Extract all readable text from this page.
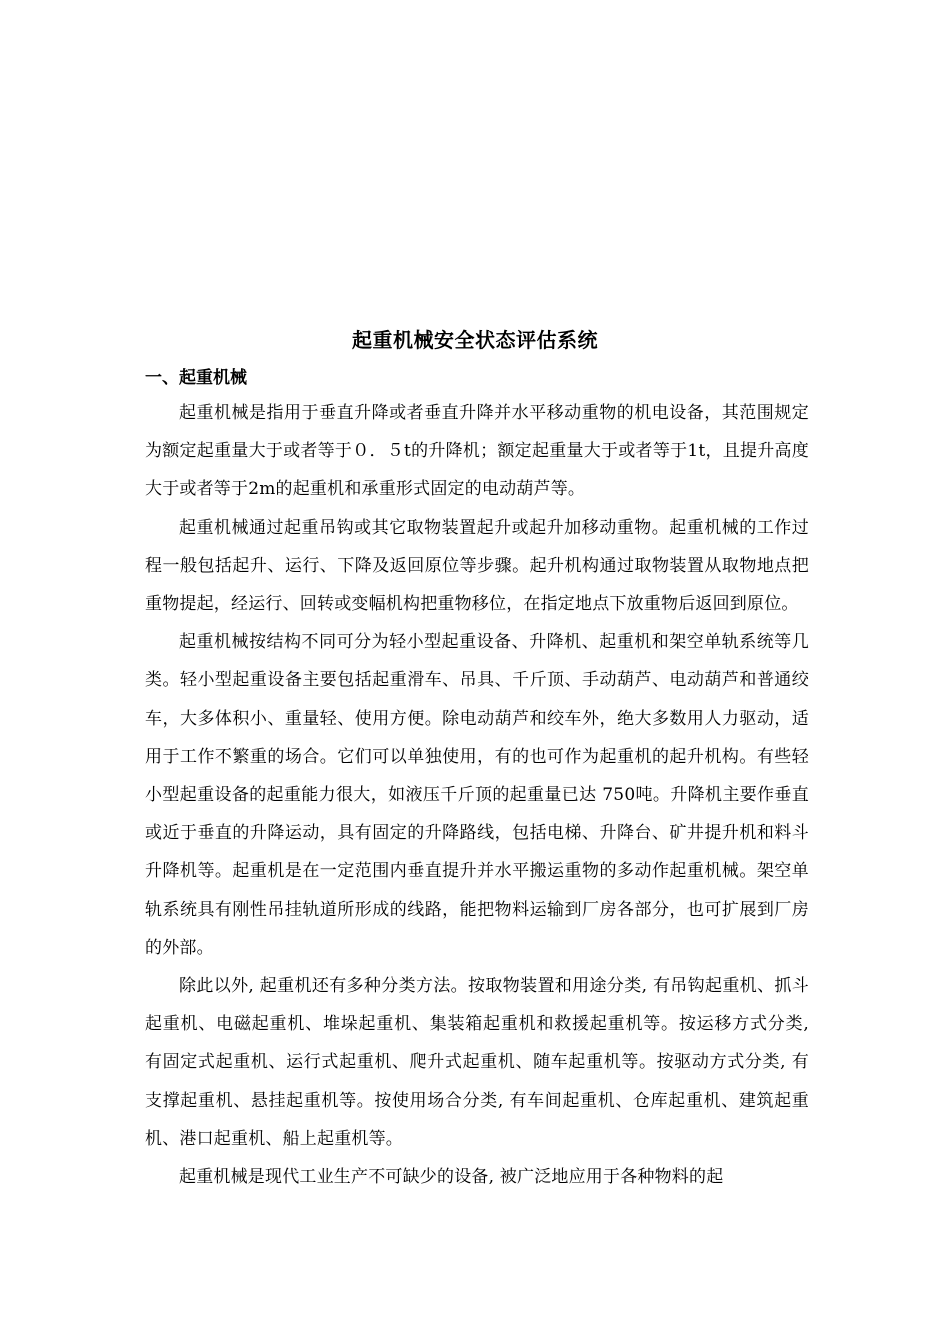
起重机械安全状态评估系统
一、起重机械

起重机械是指用于垂直升降或者垂直升降并水平移动重物的机电设备，其范围规定为额定起重量大于或者等于０．５t的升降机；额定起重量大于或者等于1t，且提升高度大于或者等于2m的起重机和承重形式固定的电动葫芦等。

起重机械通过起重吊钩或其它取物装置起升或起升加移动重物。起重机械的工作过程一般包括起升、运行、下降及返回原位等步骤。起升机构通过取物装置从取物地点把重物提起，经运行、回转或变幅机构把重物移位，在指定地点下放重物后返回到原位。

起重机械按结构不同可分为轻小型起重设备、升降机、起重机和架空单轨系统等几类。轻小型起重设备主要包括起重滑车、吊具、千斤顶、手动葫芦、电动葫芦和普通绞车，大多体积小、重量轻、使用方便。除电动葫芦和绞车外，绝大多数用人力驱动，适用于工作不繁重的场合。它们可以单独使用，有的也可作为起重机的起升机构。有些轻小型起重设备的起重能力很大，如液压千斤顶的起重量已达 750吨。升降机主要作垂直或近于垂直的升降运动，具有固定的升降路线，包括电梯、升降台、矿井提升机和料斗升降机等。起重机是在一定范围内垂直提升并水平搬运重物的多动作起重机械。架空单轨系统具有刚性吊挂轨道所形成的线路，能把物料运输到厂房各部分，也可扩展到厂房的外部。

除此以外, 起重机还有多种分类方法。按取物装置和用途分类, 有吊钩起重机、抓斗起重机、电磁起重机、堆垛起重机、集装箱起重机和救援起重机等。按运移方式分类, 有固定式起重机、运行式起重机、爬升式起重机、随车起重机等。按驱动方式分类, 有支撑起重机、悬挂起重机等。按使用场合分类, 有车间起重机、仓库起重机、建筑起重机、港口起重机、船上起重机等。

起重机械是现代工业生产不可缺少的设备, 被广泛地应用于各种物料的起
